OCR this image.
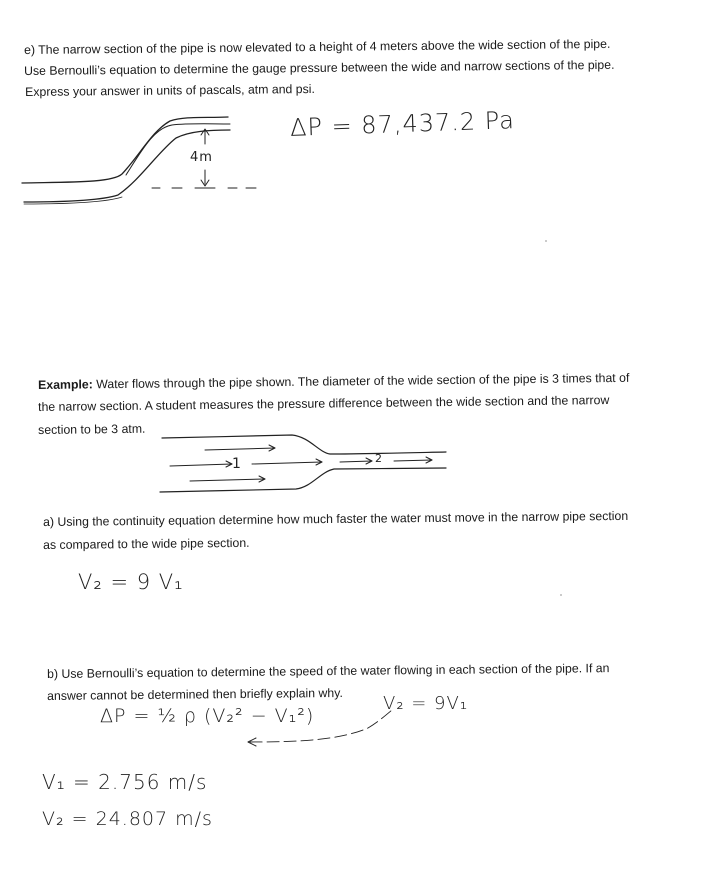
e) The narrow section of the pipe is now elevated to a height of 4 meters above the wide section of the pipe.
Use Bernoulli’s equation to determine the gauge pressure between the wide and narrow sections of the pipe.
Express your answer in units of pascals, atm and psi.
4m
ΔP = 87,437.2 Pa
Example: Water flows through the pipe shown. The diameter of the wide section of the pipe is 3 times that of
the narrow section. A student measures the pressure difference between the wide section and the narrow
section to be 3 atm.
1	2
a) Using the continuity equation determine how much faster the water must move in the narrow pipe section
as compared to the wide pipe section.
V₂ = 9 V₁
b) Use Bernoulli’s equation to determine the speed of the water flowing in each section of the pipe. If an
answer cannot be determined then briefly explain why.
ΔP = ½ ρ (V₂² − V₁²)
V₂ = 9V₁
V₁ = 2.756 m/s
V₂ = 24.807 m/s
